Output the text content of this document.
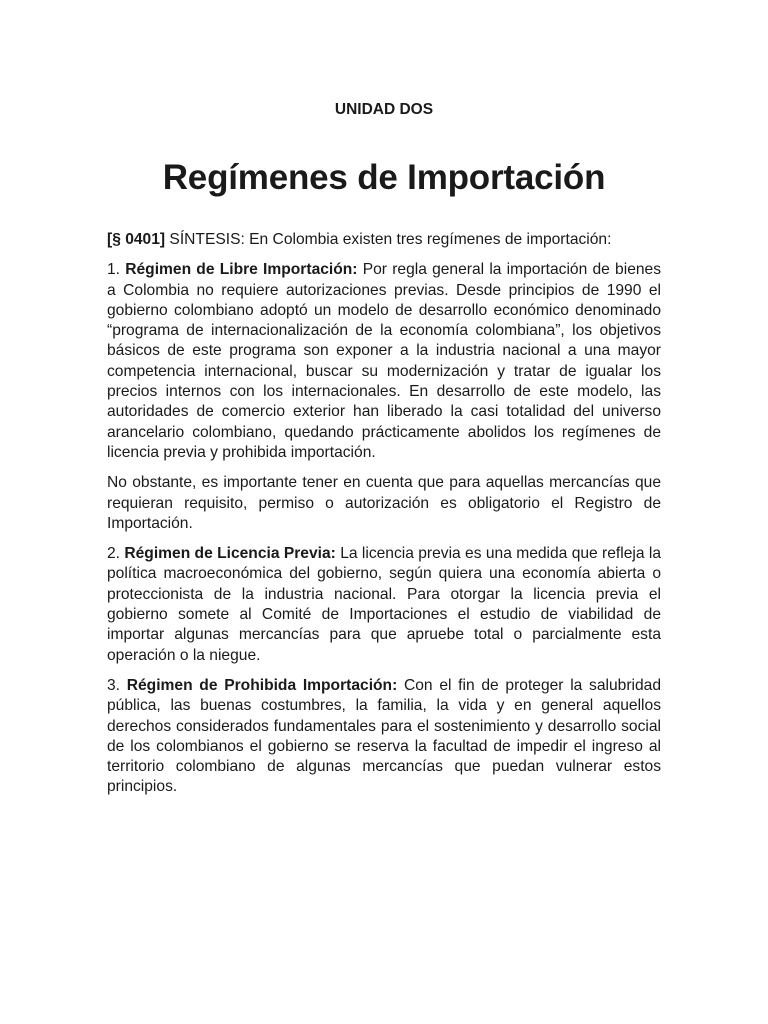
UNIDAD DOS

Regímenes de Importación

[§ 0401] SÍNTESIS: En Colombia existen tres regímenes de importación:

1. Régimen de Libre Importación: Por regla general la importación de bienes a Colombia no requiere autorizaciones previas. Desde principios de 1990 el gobierno colombiano adoptó un modelo de desarrollo económico denominado “programa de internacionalización de la economía colombiana”, los objetivos básicos de este programa son exponer a la industria nacional a una mayor competencia internacional, buscar su modernización y tratar de igualar los precios internos con los internacionales. En desarrollo de este modelo, las autoridades de comercio exterior han liberado la casi totalidad del universo arancelario colombiano, quedando prácticamente abolidos los regímenes de licencia previa y prohibida importación.

No obstante, es importante tener en cuenta que para aquellas mercancías que requieran requisito, permiso o autorización es obligatorio el Registro de Importación.

2. Régimen de Licencia Previa: La licencia previa es una medida que refleja la política macroeconómica del gobierno, según quiera una economía abierta o proteccionista de la industria nacional. Para otorgar la licencia previa el gobierno somete al Comité de Importaciones el estudio de viabilidad de importar algunas mercancías para que apruebe total o parcialmente esta operación o la niegue.

3. Régimen de Prohibida Importación: Con el fin de proteger la salubridad pública, las buenas costumbres, la familia, la vida y en general aquellos derechos considerados fundamentales para el sostenimiento y desarrollo social de los colombianos el gobierno se reserva la facultad de impedir el ingreso al territorio colombiano de algunas mercancías que puedan vulnerar estos principios.
